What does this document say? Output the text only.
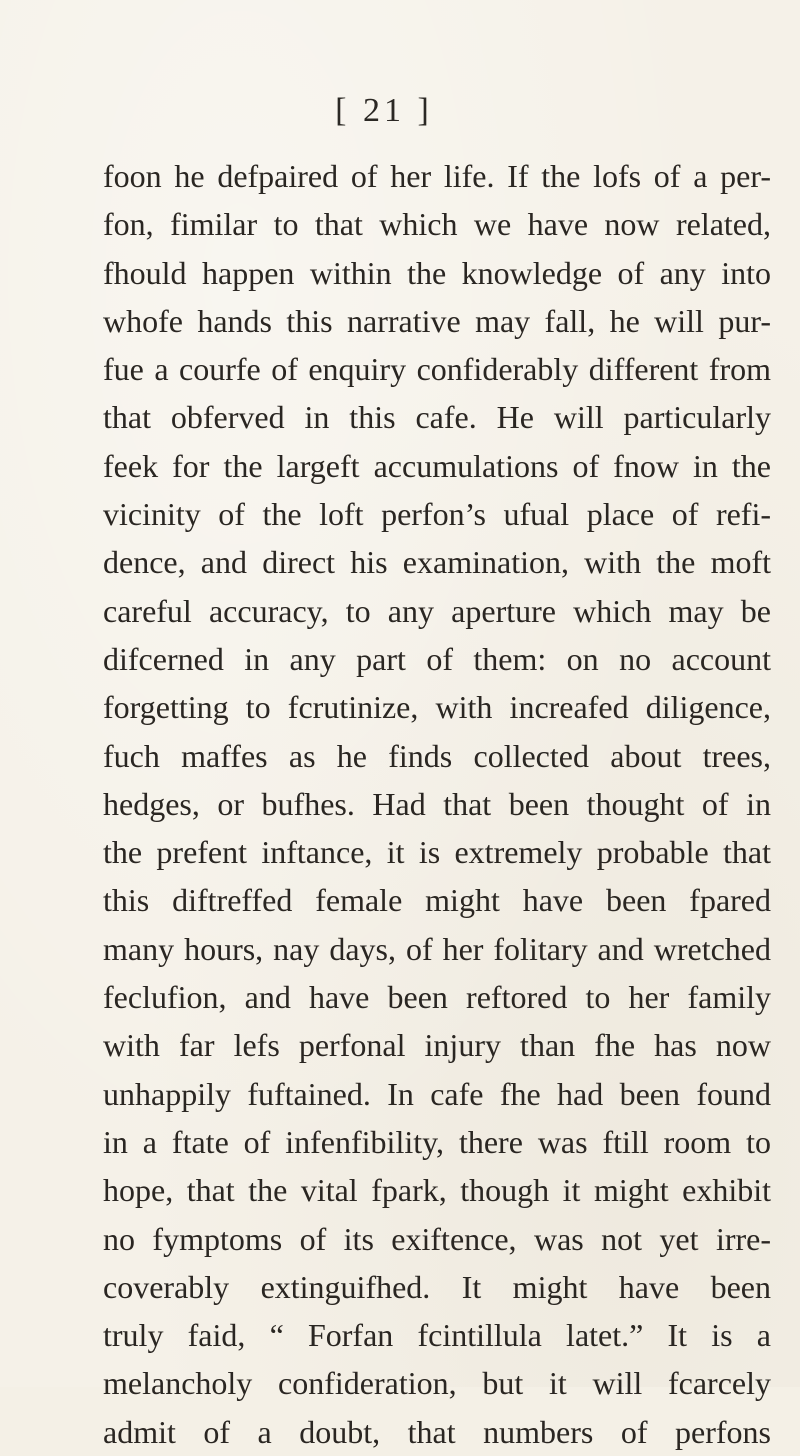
[ 21 ]
foon he defpaired of her life. If the lofs of a per-
fon, fimilar to that which we have now related,
fhould happen within the knowledge of any into
whofe hands this narrative may fall, he will pur-
fue a courfe of enquiry confiderably different from
that obferved in this cafe. He will particularly
feek for the largeft accumulations of fnow in the
vicinity of the loft perfon’s ufual place of refi-
dence, and direct his examination, with the moft
careful accuracy, to any aperture which may be
difcerned in any part of them: on no account
forgetting to fcrutinize, with increafed diligence,
fuch maffes as he finds collected about trees,
hedges, or bufhes. Had that been thought of in
the prefent inftance, it is extremely probable that
this diftreffed female might have been fpared
many hours, nay days, of her folitary and wretched
feclufion, and have been reftored to her family
with far lefs perfonal injury than fhe has now
unhappily fuftained. In cafe fhe had been found
in a ftate of infenfibility, there was ftill room to
hope, that the vital fpark, though it might exhibit
no fymptoms of its exiftence, was not yet irre-
coverably extinguifhed. It might have been
truly faid, “ Forfan fcintillula latet.” It is a
melancholy confideration, but it will fcarcely
admit of a doubt, that numbers of perfons
